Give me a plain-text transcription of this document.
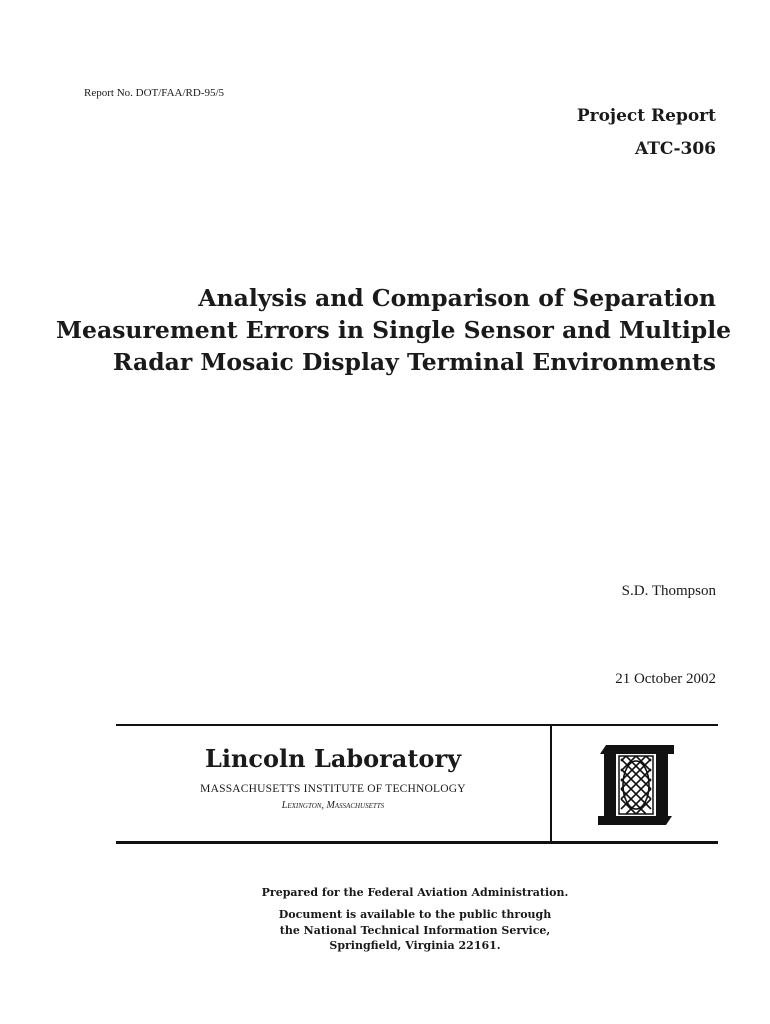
Report No. DOT/FAA/RD-95/5
Project Report
ATC-306
Analysis and Comparison of Separation
Measurement Errors in Single Sensor and Multiple
Radar Mosaic Display Terminal Environments
S.D. Thompson
21 October 2002
Lincoln Laboratory
MASSACHUSETTS INSTITUTE OF TECHNOLOGY
Lexington, Massachusetts
Prepared for the Federal Aviation Administration.
Document is available to the public through
the National Technical Information Service,
Springfield, Virginia 22161.
